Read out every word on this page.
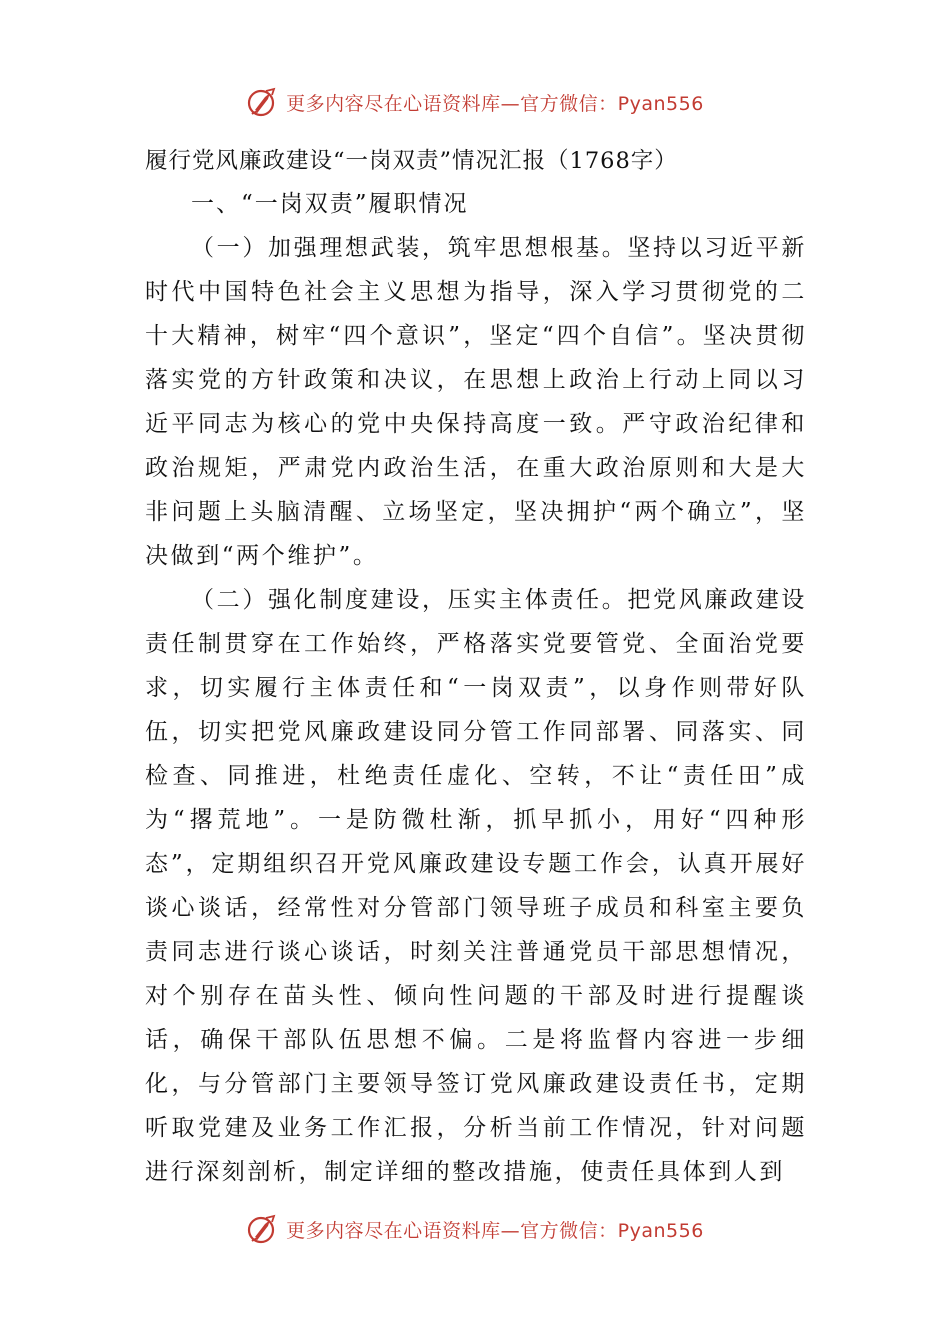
更多内容尽在心语资料库—官方微信：Pyan556

履行党风廉政建设“一岗双责”情况汇报（1768字）

一、“一岗双责”履职情况

（一）加强理想武装，筑牢思想根基。坚持以习近平新时代中国特色社会主义思想为指导，深入学习贯彻党的二十大精神，树牢“四个意识”，坚定“四个自信”。坚决贯彻落实党的方针政策和决议，在思想上政治上行动上同以习近平同志为核心的党中央保持高度一致。严守政治纪律和政治规矩，严肃党内政治生活，在重大政治原则和大是大非问题上头脑清醒、立场坚定，坚决拥护“两个确立”，坚决做到“两个维护”。

（二）强化制度建设，压实主体责任。把党风廉政建设责任制贯穿在工作始终，严格落实党要管党、全面治党要求，切实履行主体责任和“一岗双责”，以身作则带好队伍，切实把党风廉政建设同分管工作同部署、同落实、同检查、同推进，杜绝责任虚化、空转，不让“责任田”成为“撂荒地”。一是防微杜渐，抓早抓小，用好“四种形态”，定期组织召开党风廉政建设专题工作会，认真开展好谈心谈话，经常性对分管部门领导班子成员和科室主要负责同志进行谈心谈话，时刻关注普通党员干部思想情况，对个别存在苗头性、倾向性问题的干部及时进行提醒谈话，确保干部队伍思想不偏。二是将监督内容进一步细化，与分管部门主要领导签订党风廉政建设责任书，定期听取党建及业务工作汇报，分析当前工作情况，针对问题进行深刻剖析，制定详细的整改措施，使责任具体到人到

更多内容尽在心语资料库—官方微信：Pyan556
